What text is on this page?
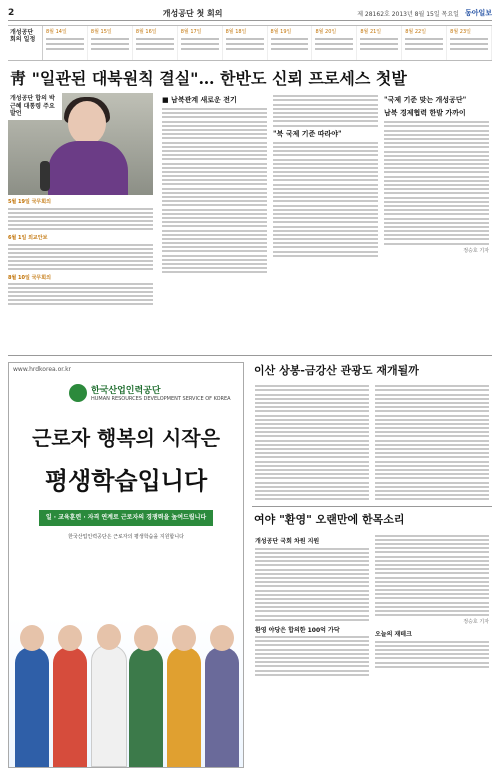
2	개성공단 첫 회의	제 28162호 2013년 8월 15일 목요일 동아일보
개성공단 회의 일정
8월 14일	8월 15일	8월 16일	8월 17일	8월 18일	8월 19일	8월 20일	8월 21일	8월 22일	8월 23일
靑 "일관된 대북원칙 결실"… 한반도 신뢰 프로세스 첫발
개성공단 합의 박근혜 대통령 주요 발언
5월 19일 국무회의
6월 1일 외교안보
8월 10일 국무회의
■ 남북관계 새로운 전기
"북 국제 기준 따라야"
"국제 기준 맞는 개성공단"
남북 경제협력 한발 가까이
정승호 기자
www.hrdkorea.or.kr
한국산업인력공단
HUMAN RESOURCES DEVELOPMENT SERVICE OF KOREA
근로자 행복의 시작은
평생학습입니다
일 · 교육훈련 · 자격 연계로 근로자의 경쟁력을 높여드립니다
한국산업인력공단은 근로자의 평생학습을 지원합니다
이산 상봉-금강산 관광도 재개될까
여야 "환영" 오랜만에 한목소리
개성공단 국회 차원 지원
환영 야당은 합의한 100억 가닥
정승호 기자
오늘의 재테크
